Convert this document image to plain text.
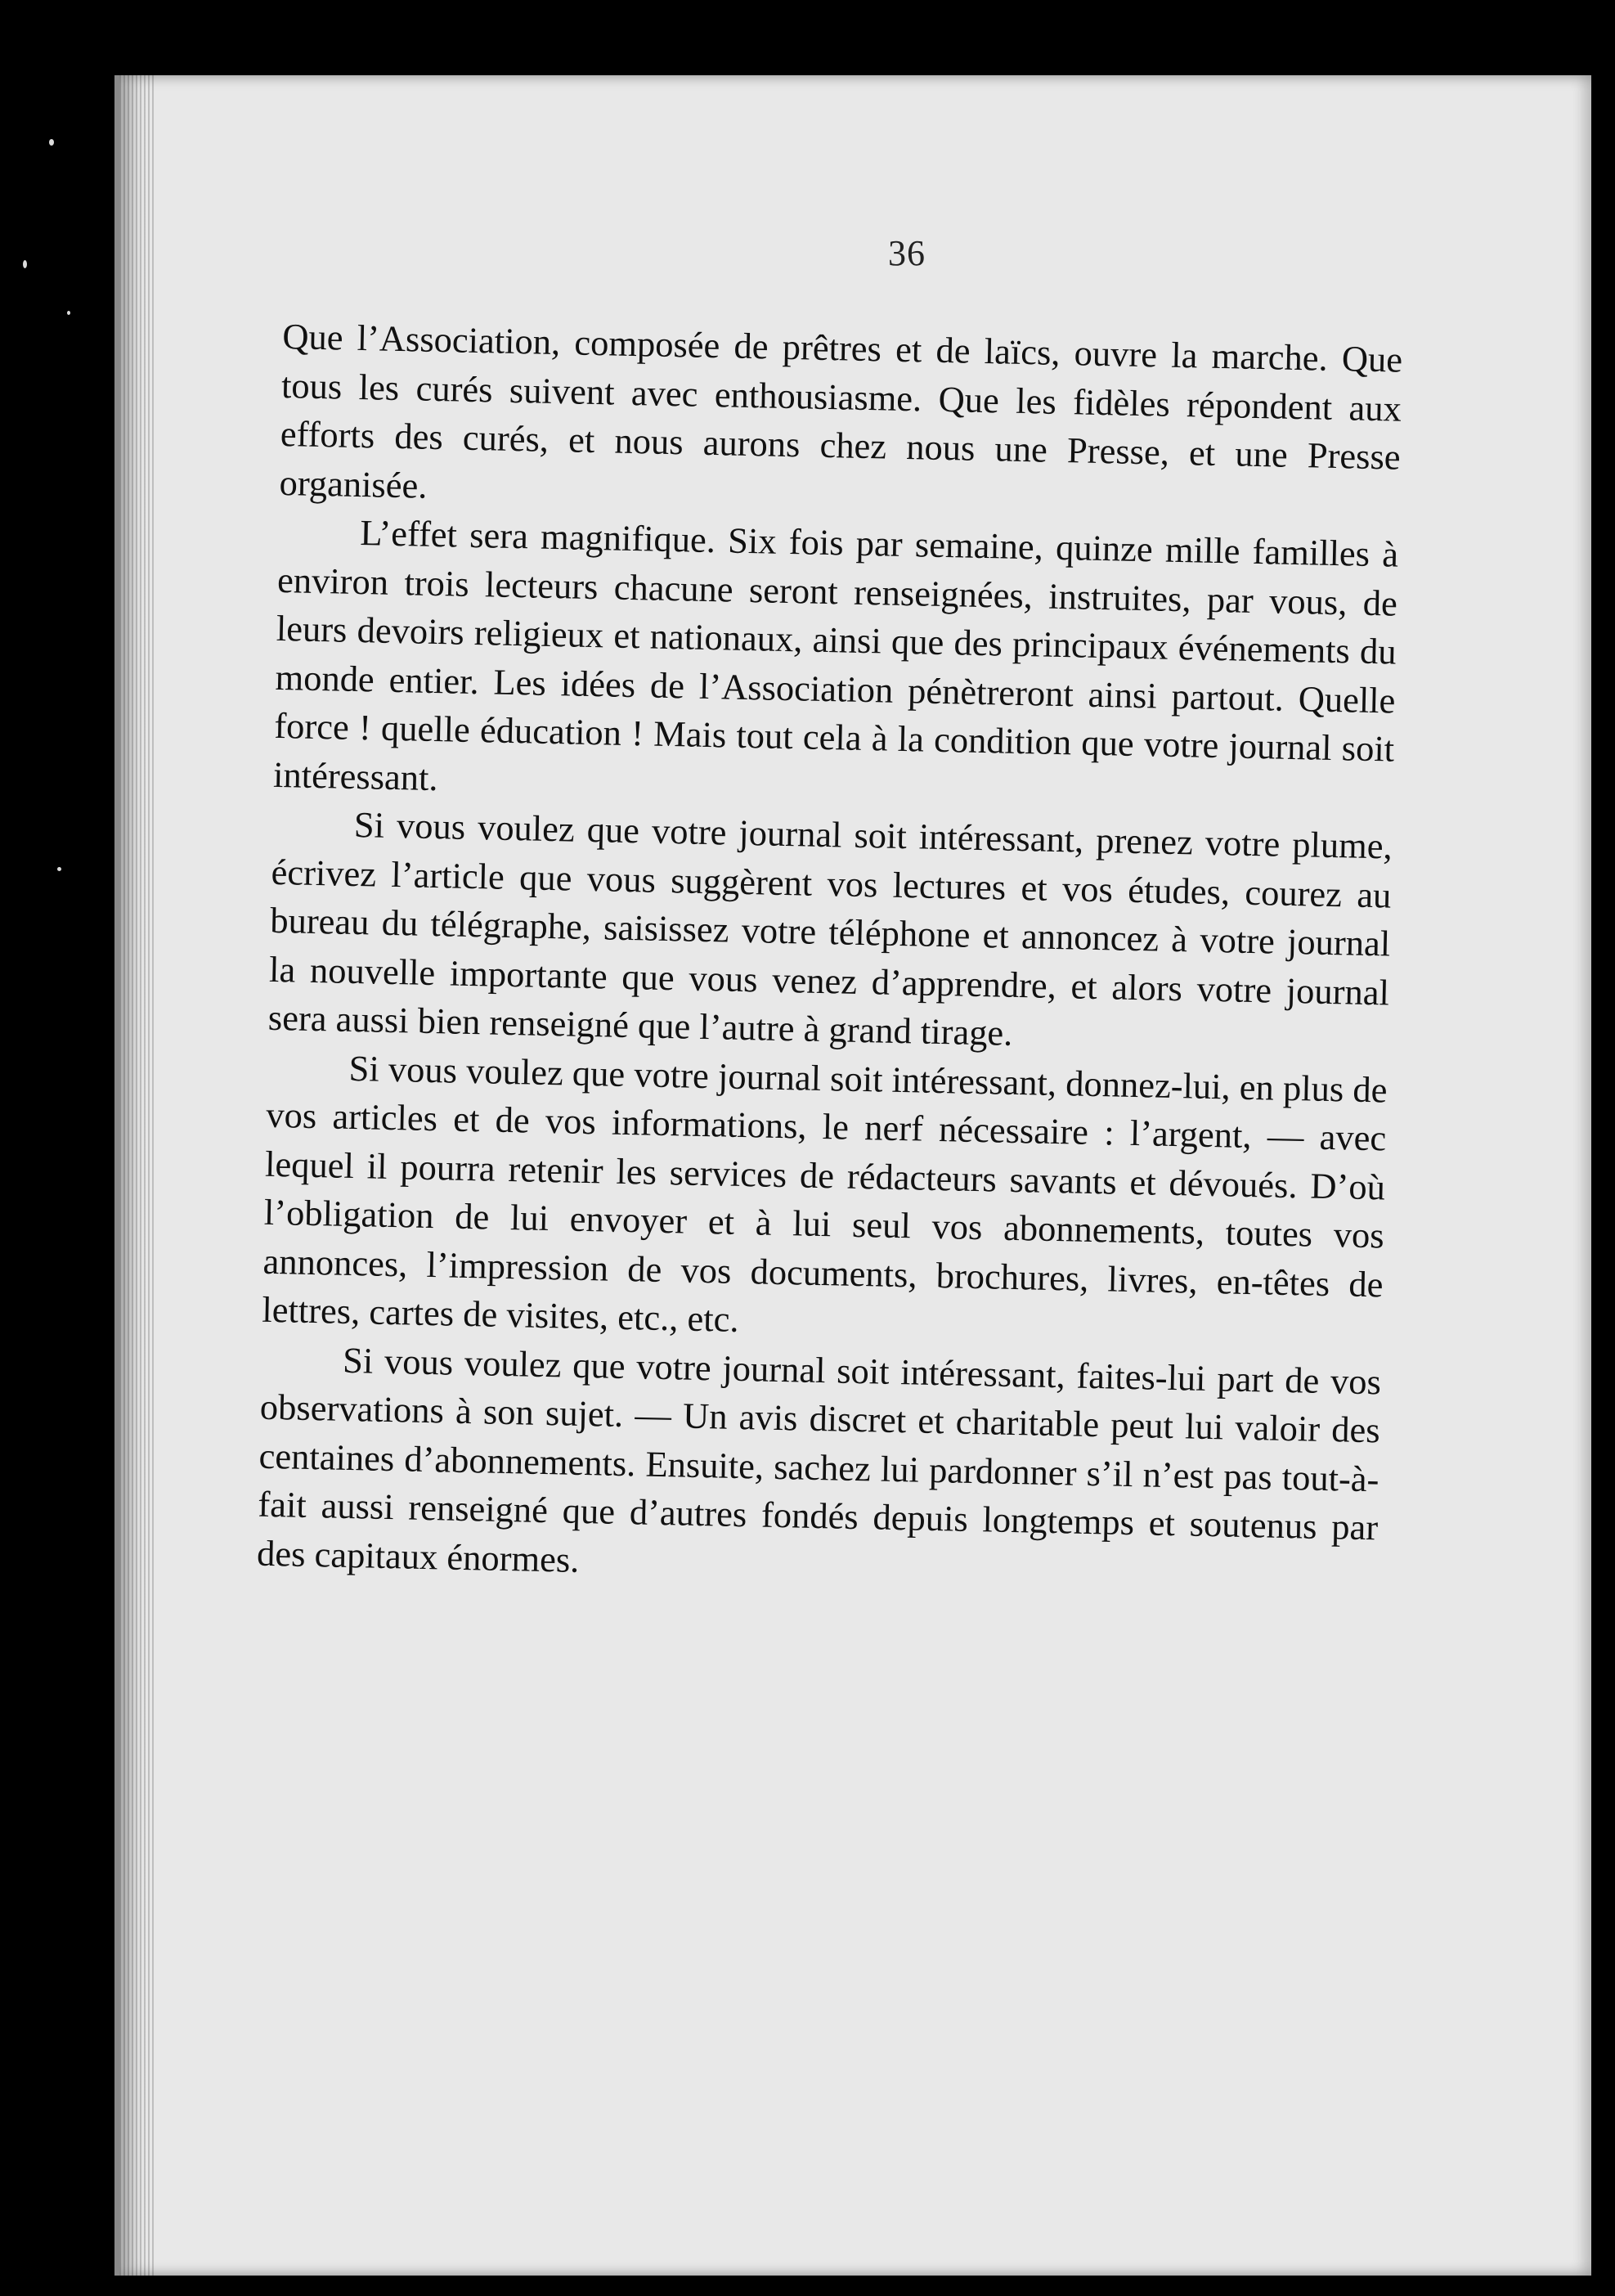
36

Que l’Association, composée de prêtres et de laïcs, ouvre la marche. Que tous les curés suivent avec enthousiasme. Que les fidèles répondent aux efforts des curés, et nous aurons chez nous une Presse, et une Presse organisée.

L’effet sera magnifique. Six fois par semaine, quinze mille familles à environ trois lecteurs chacune seront renseignées, instruites, par vous, de leurs devoirs religieux et nationaux, ainsi que des principaux événements du monde entier. Les idées de l’Association pénètreront ainsi partout. Quelle force ! quelle éducation ! Mais tout cela à la condition que votre journal soit intéressant.

Si vous voulez que votre journal soit intéressant, prenez votre plume, écrivez l’article que vous suggèrent vos lectures et vos études, courez au bureau du télégraphe, saisissez votre téléphone et annoncez à votre journal la nouvelle importante que vous venez d’apprendre, et alors votre journal sera aussi bien renseigné que l’autre à grand tirage.

Si vous voulez que votre journal soit intéressant, donnez-lui, en plus de vos articles et de vos informations, le nerf nécessaire : l’argent, — avec lequel il pourra retenir les services de rédacteurs savants et dévoués. D’où l’obligation de lui envoyer et à lui seul vos abonnements, toutes vos annonces, l’impression de vos documents, brochures, livres, en-têtes de lettres, cartes de visites, etc., etc.

Si vous voulez que votre journal soit intéressant, faites-lui part de vos observations à son sujet. — Un avis discret et charitable peut lui valoir des centaines d’abonnements. Ensuite, sachez lui pardonner s’il n’est pas tout-à-fait aussi renseigné que d’autres fondés depuis longtemps et soutenus par des capitaux énormes.
